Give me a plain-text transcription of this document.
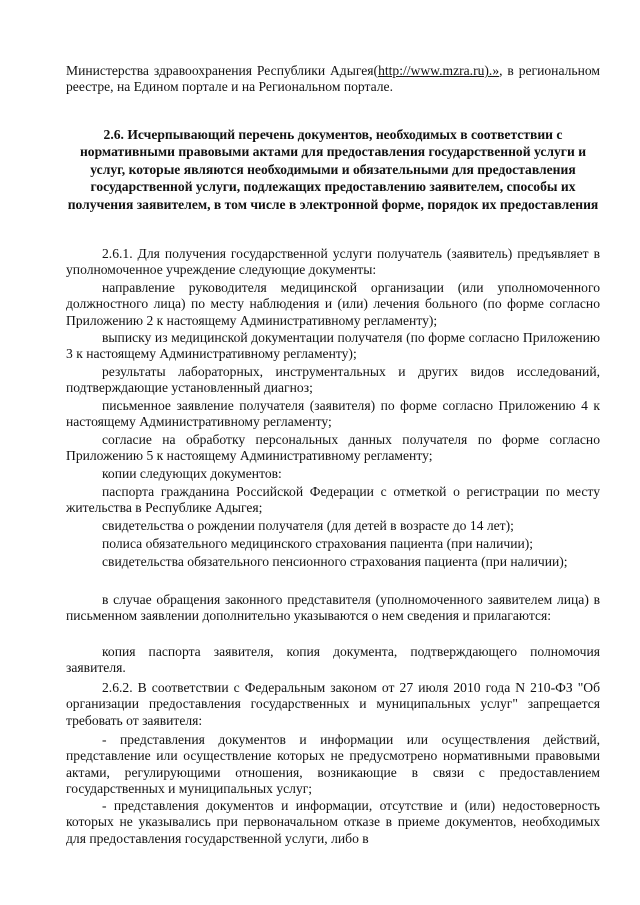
Министерства здравоохранения Республики Адыгея(http://www.mzra.ru).», в региональном реестре, на Едином портале и на Региональном портале.

2.6. Исчерпывающий перечень документов, необходимых в соответствии с нормативными правовыми актами для предоставления государственной услуги и услуг, которые являются необходимыми и обязательными для предоставления государственной услуги, подлежащих предоставлению заявителем, способы их получения заявителем, в том числе в электронной форме, порядок их предоставления

2.6.1. Для получения государственной услуги получатель (заявитель) предъявляет в уполномоченное учреждение следующие документы:

направление руководителя медицинской организации (или уполномоченного должностного лица) по месту наблюдения и (или) лечения больного (по форме согласно Приложению 2 к настоящему Административному регламенту);

выписку из медицинской документации получателя (по форме согласно Приложению 3 к настоящему Административному регламенту);

результаты лабораторных, инструментальных и других видов исследований, подтверждающие установленный диагноз;

письменное заявление получателя (заявителя) по форме согласно Приложению 4 к настоящему Административному регламенту;

согласие на обработку персональных данных получателя по форме согласно Приложению 5 к настоящему Административному регламенту;

копии следующих документов:

паспорта гражданина Российской Федерации с отметкой о регистрации по месту жительства в Республике Адыгея;

свидетельства о рождении получателя (для детей в возрасте до 14 лет);

полиса обязательного медицинского страхования пациента (при наличии);

свидетельства обязательного пенсионного страхования пациента (при наличии);

в случае обращения законного представителя (уполномоченного заявителем лица) в письменном заявлении дополнительно указываются о нем сведения и прилагаются:

копия паспорта заявителя, копия документа, подтверждающего полномочия заявителя.

2.6.2. В соответствии с Федеральным законом от 27 июля 2010 года N 210-ФЗ "Об организации предоставления государственных и муниципальных услуг" запрещается требовать от заявителя:

- представления документов и информации или осуществления действий, представление или осуществление которых не предусмотрено нормативными правовыми актами, регулирующими отношения, возникающие в связи с предоставлением государственных и муниципальных услуг;

- представления документов и информации, отсутствие и (или) недостоверность которых не указывались при первоначальном отказе в приеме документов, необходимых для предоставления государственной услуги, либо в
